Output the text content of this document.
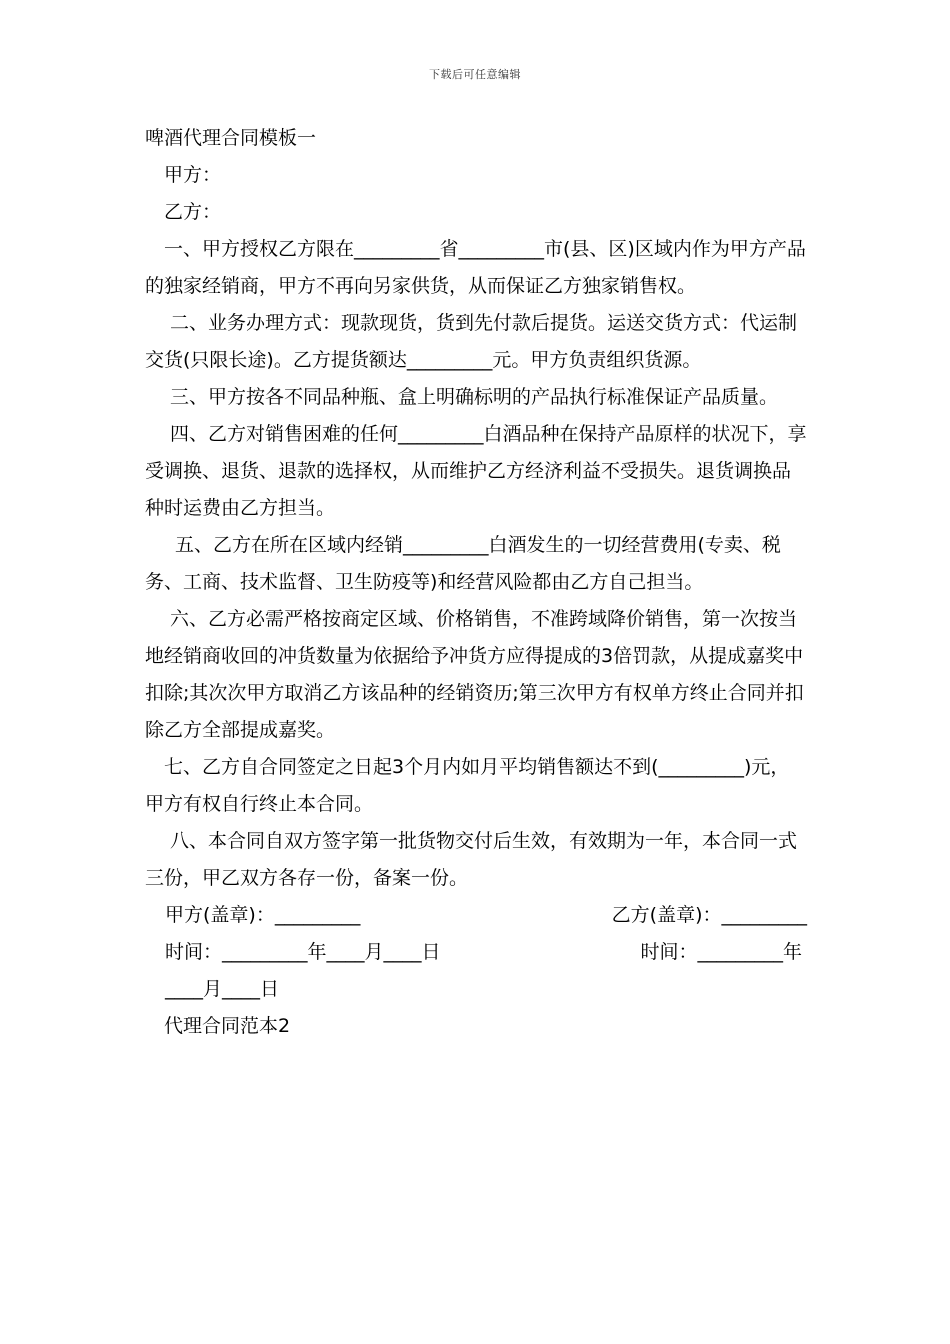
下载后可任意编辑

啤酒代理合同模板一

甲方：

乙方：

一、甲方授权乙方限在_________省_________市(县、区)区域内作为甲方产品的独家经销商，甲方不再向另家供货，从而保证乙方独家销售权。

二、业务办理方式：现款现货，货到先付款后提货。运送交货方式：代运制交货(只限长途)。乙方提货额达_________元。甲方负责组织货源。

三、甲方按各不同品种瓶、盒上明确标明的产品执行标准保证产品质量。

四、乙方对销售困难的任何_________白酒品种在保持产品原样的状况下，享受调换、退货、退款的选择权，从而维护乙方经济利益不受损失。退货调换品种时运费由乙方担当。

五、乙方在所在区域内经销_________白酒发生的一切经营费用(专卖、税务、工商、技术监督、卫生防疫等)和经营风险都由乙方自己担当。

六、乙方必需严格按商定区域、价格销售，不准跨域降价销售，第一次按当地经销商收回的冲货数量为依据给予冲货方应得提成的3倍罚款，从提成嘉奖中扣除;其次次甲方取消乙方该品种的经销资历;第三次甲方有权单方终止合同并扣除乙方全部提成嘉奖。

七、乙方自合同签定之日起3个月内如月平均销售额达不到(_________)元，甲方有权自行终止本合同。

八、本合同自双方签字第一批货物交付后生效，有效期为一年，本合同一式三份，甲乙双方各存一份，备案一份。

甲方(盖章)：_________	乙方(盖章)：_________

时间：_________年____月____日	时间：_________年____月____日

代理合同范本2
